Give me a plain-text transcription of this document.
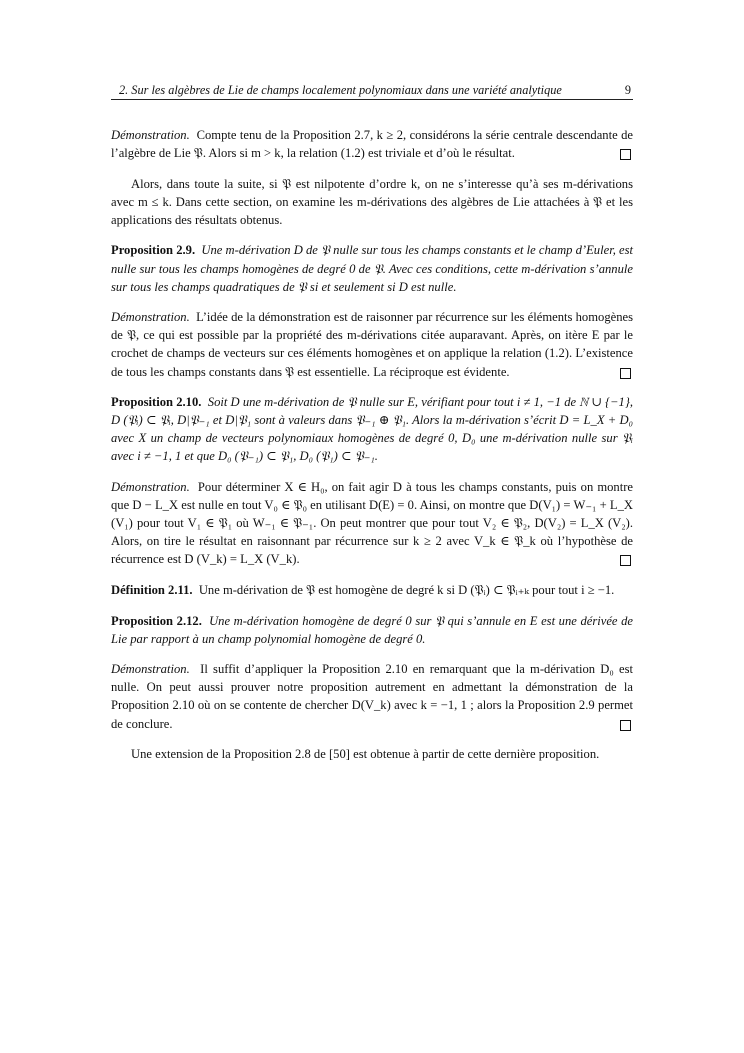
2. Sur les algèbres de Lie de champs localement polynomiaux dans une variété analytique	9

Démonstration. Compte tenu de la Proposition 2.7, k ≥ 2, considérons la série centrale descendante de l’algèbre de Lie 𝔓. Alors si m > k, la relation (1.2) est triviale et d’où le résultat.

Alors, dans toute la suite, si 𝔓 est nilpotente d’ordre k, on ne s’interesse qu’à ses m-dérivations avec m ≤ k. Dans cette section, on examine les m-dérivations des algèbres de Lie attachées à 𝔓 et les applications des résultats obtenus.

Proposition 2.9. Une m-dérivation D de 𝔓 nulle sur tous les champs constants et le champ d’Euler, est nulle sur tous les champs homogènes de degré 0 de 𝔓. Avec ces conditions, cette m-dérivation s’annule sur tous les champs quadratiques de 𝔓 si et seulement si D est nulle.

Démonstration. L’idée de la démonstration est de raisonner par récurrence sur les éléments homogènes de 𝔓, ce qui est possible par la propriété des m-dérivations citée auparavant. Après, on itère E par le crochet de champs de vecteurs sur ces éléments homogènes et on applique la relation (1.2). L’existence de tous les champs constants dans 𝔓 est essentielle. La réciproque est évidente.

Proposition 2.10. Soit D une m-dérivation de 𝔓 nulle sur E, vérifiant pour tout i ≠ 1, −1 de ℕ ∪ {−1}, D (𝔓ᵢ) ⊂ 𝔓ᵢ, D|𝔓₋₁ et D|𝔓₁ sont à valeurs dans 𝔓₋₁ ⊕ 𝔓₁. Alors la m-dérivation s’écrit D = L_X + D₀ avec X un champ de vecteurs polynomiaux homogènes de degré 0, D₀ une m-dérivation nulle sur 𝔓ᵢ avec i ≠ −1, 1 et que D₀ (𝔓₋₁) ⊂ 𝔓₁, D₀ (𝔓₁) ⊂ 𝔓₋₁.

Démonstration. Pour déterminer X ∈ H₀, on fait agir D à tous les champs constants, puis on montre que D − L_X est nulle en tout V₀ ∈ 𝔓₀ en utilisant D(E) = 0. Ainsi, on montre que D(V₁) = W₋₁ + L_X (V₁) pour tout V₁ ∈ 𝔓₁ où W₋₁ ∈ 𝔓₋₁. On peut montrer que pour tout V₂ ∈ 𝔓₂, D(V₂) = L_X (V₂). Alors, on tire le résultat en raisonnant par récurrence sur k ≥ 2 avec V_k ∈ 𝔓_k où l’hypothèse de récurrence est D (V_k) = L_X (V_k).

Définition 2.11. Une m-dérivation de 𝔓 est homogène de degré k si D (𝔓ᵢ) ⊂ 𝔓ᵢ₊ₖ pour tout i ≥ −1.

Proposition 2.12. Une m-dérivation homogène de degré 0 sur 𝔓 qui s’annule en E est une dérivée de Lie par rapport à un champ polynomial homogène de degré 0.

Démonstration. Il suffit d’appliquer la Proposition 2.10 en remarquant que la m-dérivation D₀ est nulle. On peut aussi prouver notre proposition autrement en admettant la démonstration de la Proposition 2.10 où on se contente de chercher D(V_k) avec k = −1, 1 ; alors la Proposition 2.9 permet de conclure.

Une extension de la Proposition 2.8 de [50] est obtenue à partir de cette dernière proposition.
